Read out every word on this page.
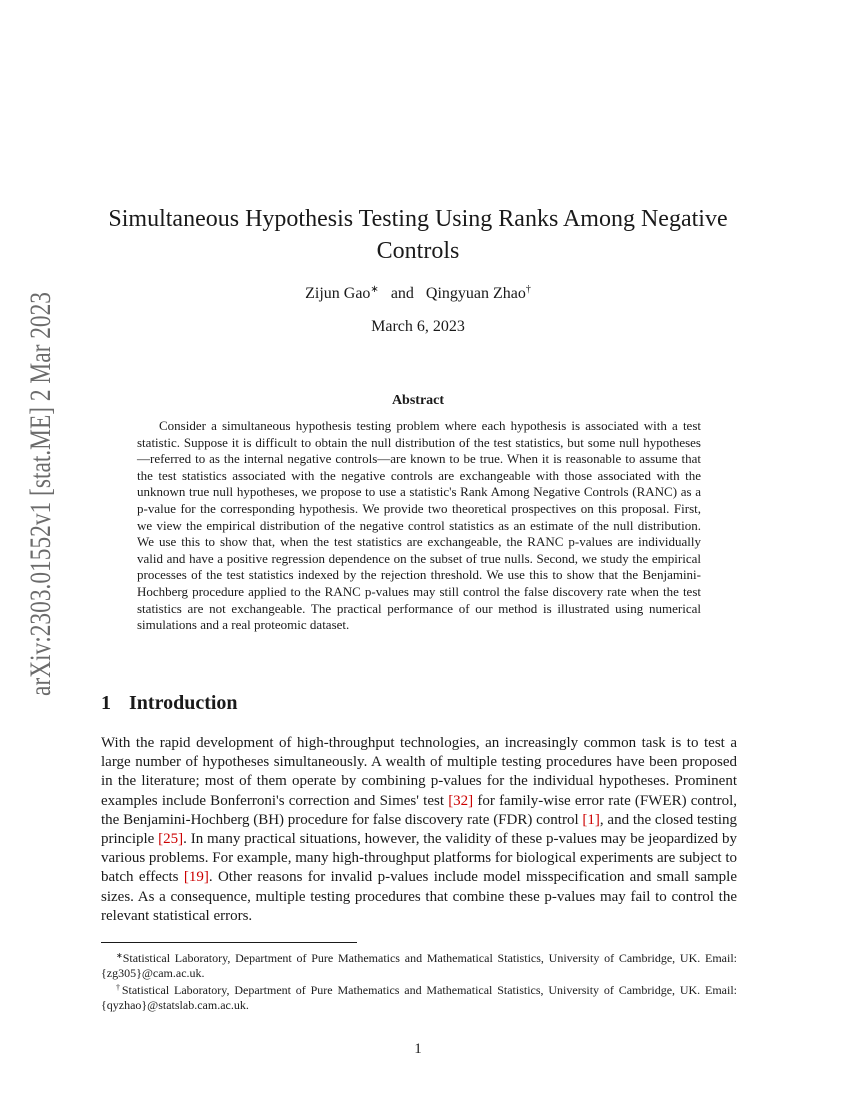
arXiv:2303.01552v1 [stat.ME] 2 Mar 2023	Simultaneous Hypothesis Testing Using Ranks Among Negative Controls
Zijun Gao∗ and Qingyuan Zhao†
March 6, 2023
Abstract

Consider a simultaneous hypothesis testing problem where each hypothesis is associated with a test statistic. Suppose it is difficult to obtain the null distribution of the test statistics, but some null hypotheses—referred to as the internal negative controls—are known to be true. When it is reasonable to assume that the test statistics associated with the negative controls are exchangeable with those associated with the unknown true null hypotheses, we propose to use a statistic's Rank Among Negative Controls (RANC) as a p-value for the corresponding hypothesis. We provide two theoretical prospectives on this proposal. First, we view the empirical distribution of the negative control statistics as an estimate of the null distribution. We use this to show that, when the test statistics are exchangeable, the RANC p-values are individually valid and have a positive regression dependence on the subset of true nulls. Second, we study the empirical processes of the test statistics indexed by the rejection threshold. We use this to show that the Benjamini-Hochberg procedure applied to the RANC p-values may still control the false discovery rate when the test statistics are not exchangeable. The practical performance of our method is illustrated using numerical simulations and a real proteomic dataset.

1 Introduction

With the rapid development of high-throughput technologies, an increasingly common task is to test a large number of hypotheses simultaneously. A wealth of multiple testing procedures have been proposed in the literature; most of them operate by combining p-values for the individual hypotheses. Prominent examples include Bonferroni's correction and Simes' test [32] for family-wise error rate (FWER) control, the Benjamini-Hochberg (BH) procedure for false discovery rate (FDR) control [1], and the closed testing principle [25]. In many practical situations, however, the validity of these p-values may be jeopardized by various problems. For example, many high-throughput platforms for biological experiments are subject to batch effects [19]. Other reasons for invalid p-values include model misspecification and small sample sizes. As a consequence, multiple testing procedures that combine these p-values may fail to control the relevant statistical errors.

∗Statistical Laboratory, Department of Pure Mathematics and Mathematical Statistics, University of Cambridge, UK. Email: {zg305}@cam.ac.uk.

†Statistical Laboratory, Department of Pure Mathematics and Mathematical Statistics, University of Cambridge, UK. Email: {qyzhao}@statslab.cam.ac.uk.

1
